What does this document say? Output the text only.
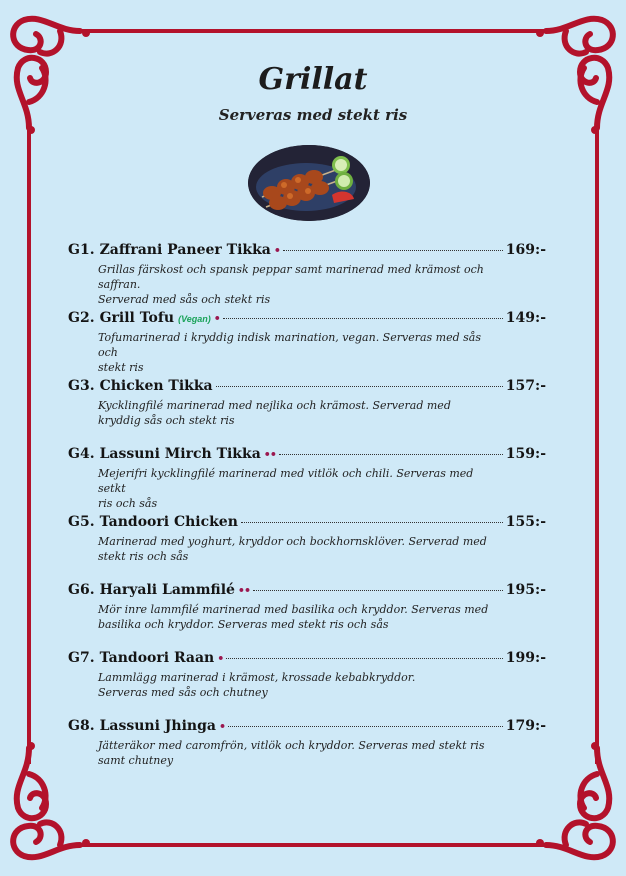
Grillat
Serveras med stekt ris
G1. Zaffrani Paneer Tikka •	169:-
Grillas färskost och spansk peppar samt marinerad med krämost och saffran.
Serverad med sås och stekt ris
G2. Grill Tofu (Vegan) •	149:-
Tofumarinerad i kryddig indisk marination, vegan. Serveras med sås och
stekt ris
G3. Chicken Tikka	157:-
Kycklingfilé marinerad med nejlika och krämost. Serverad med
kryddig sås och stekt ris
G4. Lassuni Mirch Tikka ••	159:-
Mejerifri kycklingfilé marinerad med vitlök och chili. Serveras med setkt
ris och sås
G5. Tandoori Chicken	155:-
Marinerad med yoghurt, kryddor och bockhornsklöver. Serverad med
stekt ris och sås
G6. Haryali Lammfilé ••	195:-
Mör inre lammfilé marinerad med basilika och kryddor. Serveras med
basilika och kryddor. Serveras med stekt ris och sås
G7. Tandoori Raan •	199:-
Lammlägg marinerad i krämost, krossade kebabkryddor.
Serveras med sås och chutney
G8. Lassuni Jhinga •	179:-
Jätteräkor med caromfrön, vitlök och kryddor. Serveras med stekt ris
samt chutney
